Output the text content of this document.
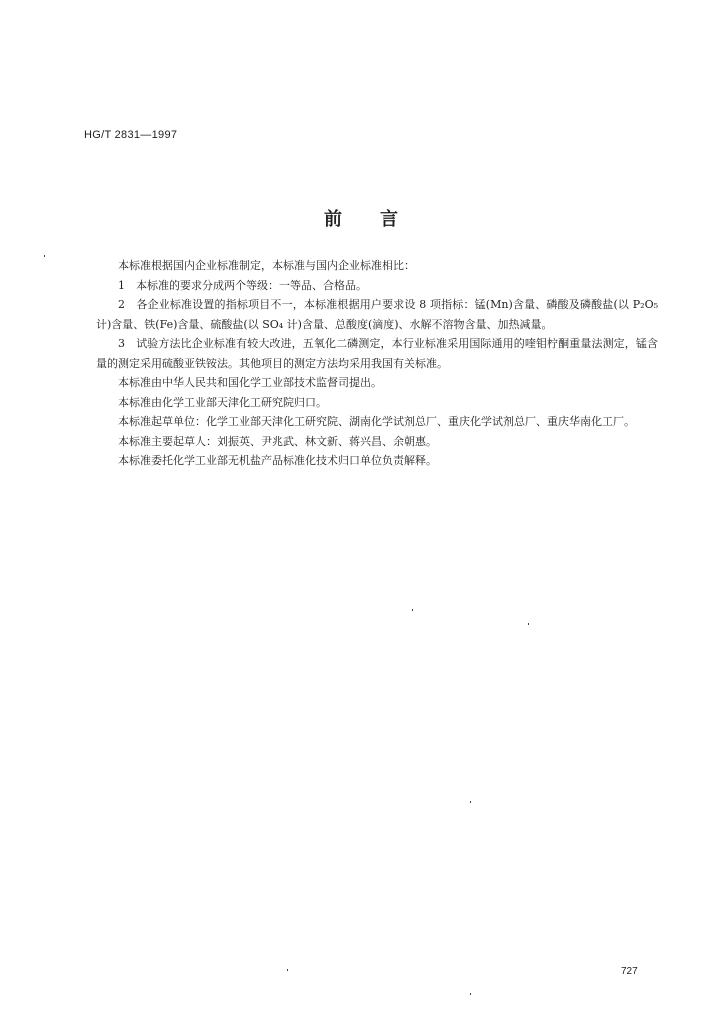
HG/T 2831—1997
前言

本标准根据国内企业标准制定，本标准与国内企业标准相比：

1　本标准的要求分成两个等级：一等品、合格品。

2　各企业标准设置的指标项目不一，本标准根据用户要求设 8 项指标：锰(Mn)含量、磷酸及磷酸盐(以 P₂O₅ 计)含量、铁(Fe)含量、硫酸盐(以 SO₄ 计)含量、总酸度(滴度)、水解不溶物含量、加热减量。

3　试验方法比企业标准有较大改进，五氧化二磷测定，本行业标准采用国际通用的喹钼柠酮重量法测定，锰含量的测定采用硫酸亚铁铵法。其他项目的测定方法均采用我国有关标准。

本标准由中华人民共和国化学工业部技术监督司提出。

本标准由化学工业部天津化工研究院归口。

本标准起草单位：化学工业部天津化工研究院、湖南化学试剂总厂、重庆化学试剂总厂、重庆华南化工厂。

本标准主要起草人：刘振英、尹兆武、林文新、蒋兴昌、余朝惠。

本标准委托化学工业部无机盐产品标准化技术归口单位负责解释。

727
